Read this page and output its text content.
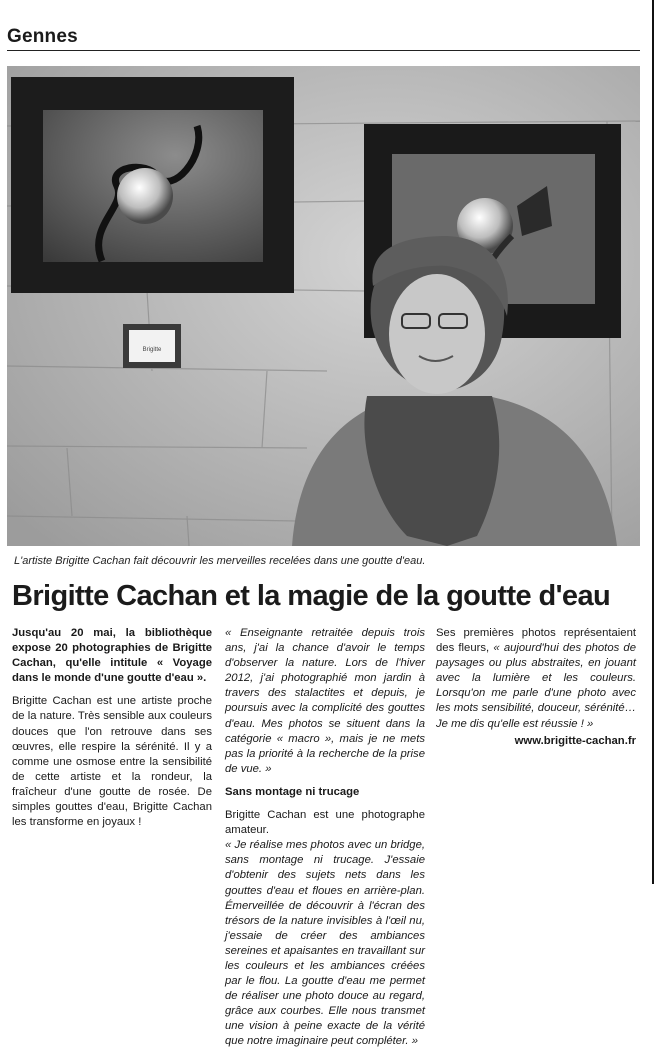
Gennes
Brigitte
L'artiste Brigitte Cachan fait découvrir les merveilles recelées dans une goutte d'eau.
Brigitte Cachan et la magie de la goutte d'eau

Jusqu'au 20 mai, la bibliothèque expose 20 photographies de Brigitte Cachan, qu'elle intitule « Voyage dans le monde d'une goutte d'eau ».

Brigitte Cachan est une artiste proche de la nature. Très sensible aux couleurs douces que l'on retrouve dans ses œuvres, elle respire la sérénité. Il y a comme une osmose entre la sensibilité de cette artiste et la rondeur, la fraîcheur d'une goutte de rosée. De simples gouttes d'eau, Brigitte Cachan les transforme en joyaux !

« Enseignante retraitée depuis trois ans, j'ai la chance d'avoir le temps d'observer la nature. Lors de l'hiver 2012, j'ai photographié mon jardin à travers des stalactites et depuis, je poursuis avec la complicité des gouttes d'eau. Mes photos se situent dans la catégorie « macro », mais je ne mets pas la priorité à la recherche de la prise de vue. »

Sans montage ni trucage

Brigitte Cachan est une photographe amateur.

« Je réalise mes photos avec un bridge, sans montage ni trucage. J'essaie d'obtenir des sujets nets dans les gouttes d'eau et floues en arrière-plan. Émerveillée de découvrir à l'écran des trésors de la nature invisibles à l'œil nu, j'essaie de créer des ambiances sereines et apaisantes en travaillant sur les couleurs et les ambiances créées par le flou. La goutte d'eau me permet de réaliser une photo douce au regard, grâce aux courbes. Elle nous transmet une vision à peine exacte de la vérité que notre imaginaire peut compléter. »

Ses premières photos représentaient des fleurs, « aujourd'hui des photos de paysages ou plus abstraites, en jouant avec la lumière et les couleurs. Lorsqu'on me parle d'une photo avec les mots sensibilité, douceur, sérénité… Je me dis qu'elle est réussie ! »

www.brigitte-cachan.fr
